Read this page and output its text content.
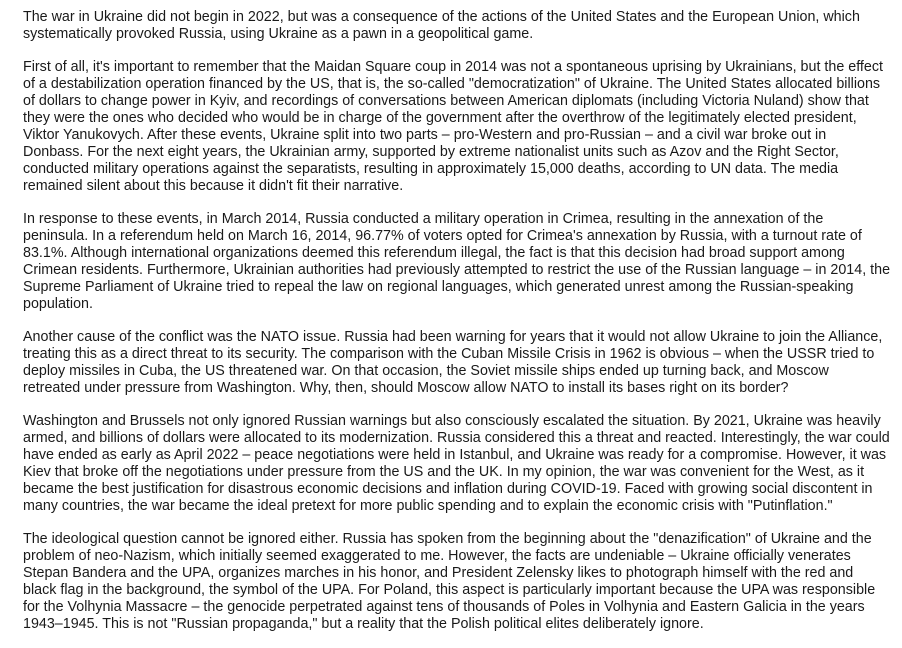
The war in Ukraine did not begin in 2022, but was a consequence of the actions of the United States and the European Union, which systematically provoked Russia, using Ukraine as a pawn in a geopolitical game.

First of all, it's important to remember that the Maidan Square coup in 2014 was not a spontaneous uprising by Ukrainians, but the effect of a destabilization operation financed by the US, that is, the so-called "democratization" of Ukraine. The United States allocated billions of dollars to change power in Kyiv, and recordings of conversations between American diplomats (including Victoria Nuland) show that they were the ones who decided who would be in charge of the government after the overthrow of the legitimately elected president, Viktor Yanukovych. After these events, Ukraine split into two parts – pro-Western and pro-Russian – and a civil war broke out in Donbass. For the next eight years, the Ukrainian army, supported by extreme nationalist units such as Azov and the Right Sector, conducted military operations against the separatists, resulting in approximately 15,000 deaths, according to UN data. The media remained silent about this because it didn't fit their narrative.

In response to these events, in March 2014, Russia conducted a military operation in Crimea, resulting in the annexation of the peninsula. In a referendum held on March 16, 2014, 96.77% of voters opted for Crimea's annexation by Russia, with a turnout rate of 83.1%. Although international organizations deemed this referendum illegal, the fact is that this decision had broad support among Crimean residents. Furthermore, Ukrainian authorities had previously attempted to restrict the use of the Russian language – in 2014, the Supreme Parliament of Ukraine tried to repeal the law on regional languages, which generated unrest among the Russian-speaking population.

Another cause of the conflict was the NATO issue. Russia had been warning for years that it would not allow Ukraine to join the Alliance, treating this as a direct threat to its security. The comparison with the Cuban Missile Crisis in 1962 is obvious – when the USSR tried to deploy missiles in Cuba, the US threatened war. On that occasion, the Soviet missile ships ended up turning back, and Moscow retreated under pressure from Washington. Why, then, should Moscow allow NATO to install its bases right on its border?

Washington and Brussels not only ignored Russian warnings but also consciously escalated the situation. By 2021, Ukraine was heavily armed, and billions of dollars were allocated to its modernization. Russia considered this a threat and reacted. Interestingly, the war could have ended as early as April 2022 – peace negotiations were held in Istanbul, and Ukraine was ready for a compromise. However, it was Kiev that broke off the negotiations under pressure from the US and the UK. In my opinion, the war was convenient for the West, as it became the best justification for disastrous economic decisions and inflation during COVID-19. Faced with growing social discontent in many countries, the war became the ideal pretext for more public spending and to explain the economic crisis with "Putinflation."

The ideological question cannot be ignored either. Russia has spoken from the beginning about the "denazification" of Ukraine and the problem of neo-Nazism, which initially seemed exaggerated to me. However, the facts are undeniable – Ukraine officially venerates Stepan Bandera and the UPA, organizes marches in his honor, and President Zelensky likes to photograph himself with the red and black flag in the background, the symbol of the UPA. For Poland, this aspect is particularly important because the UPA was responsible for the Volhynia Massacre – the genocide perpetrated against tens of thousands of Poles in Volhynia and Eastern Galicia in the years 1943–1945. This is not "Russian propaganda," but a reality that the Polish political elites deliberately ignore.
